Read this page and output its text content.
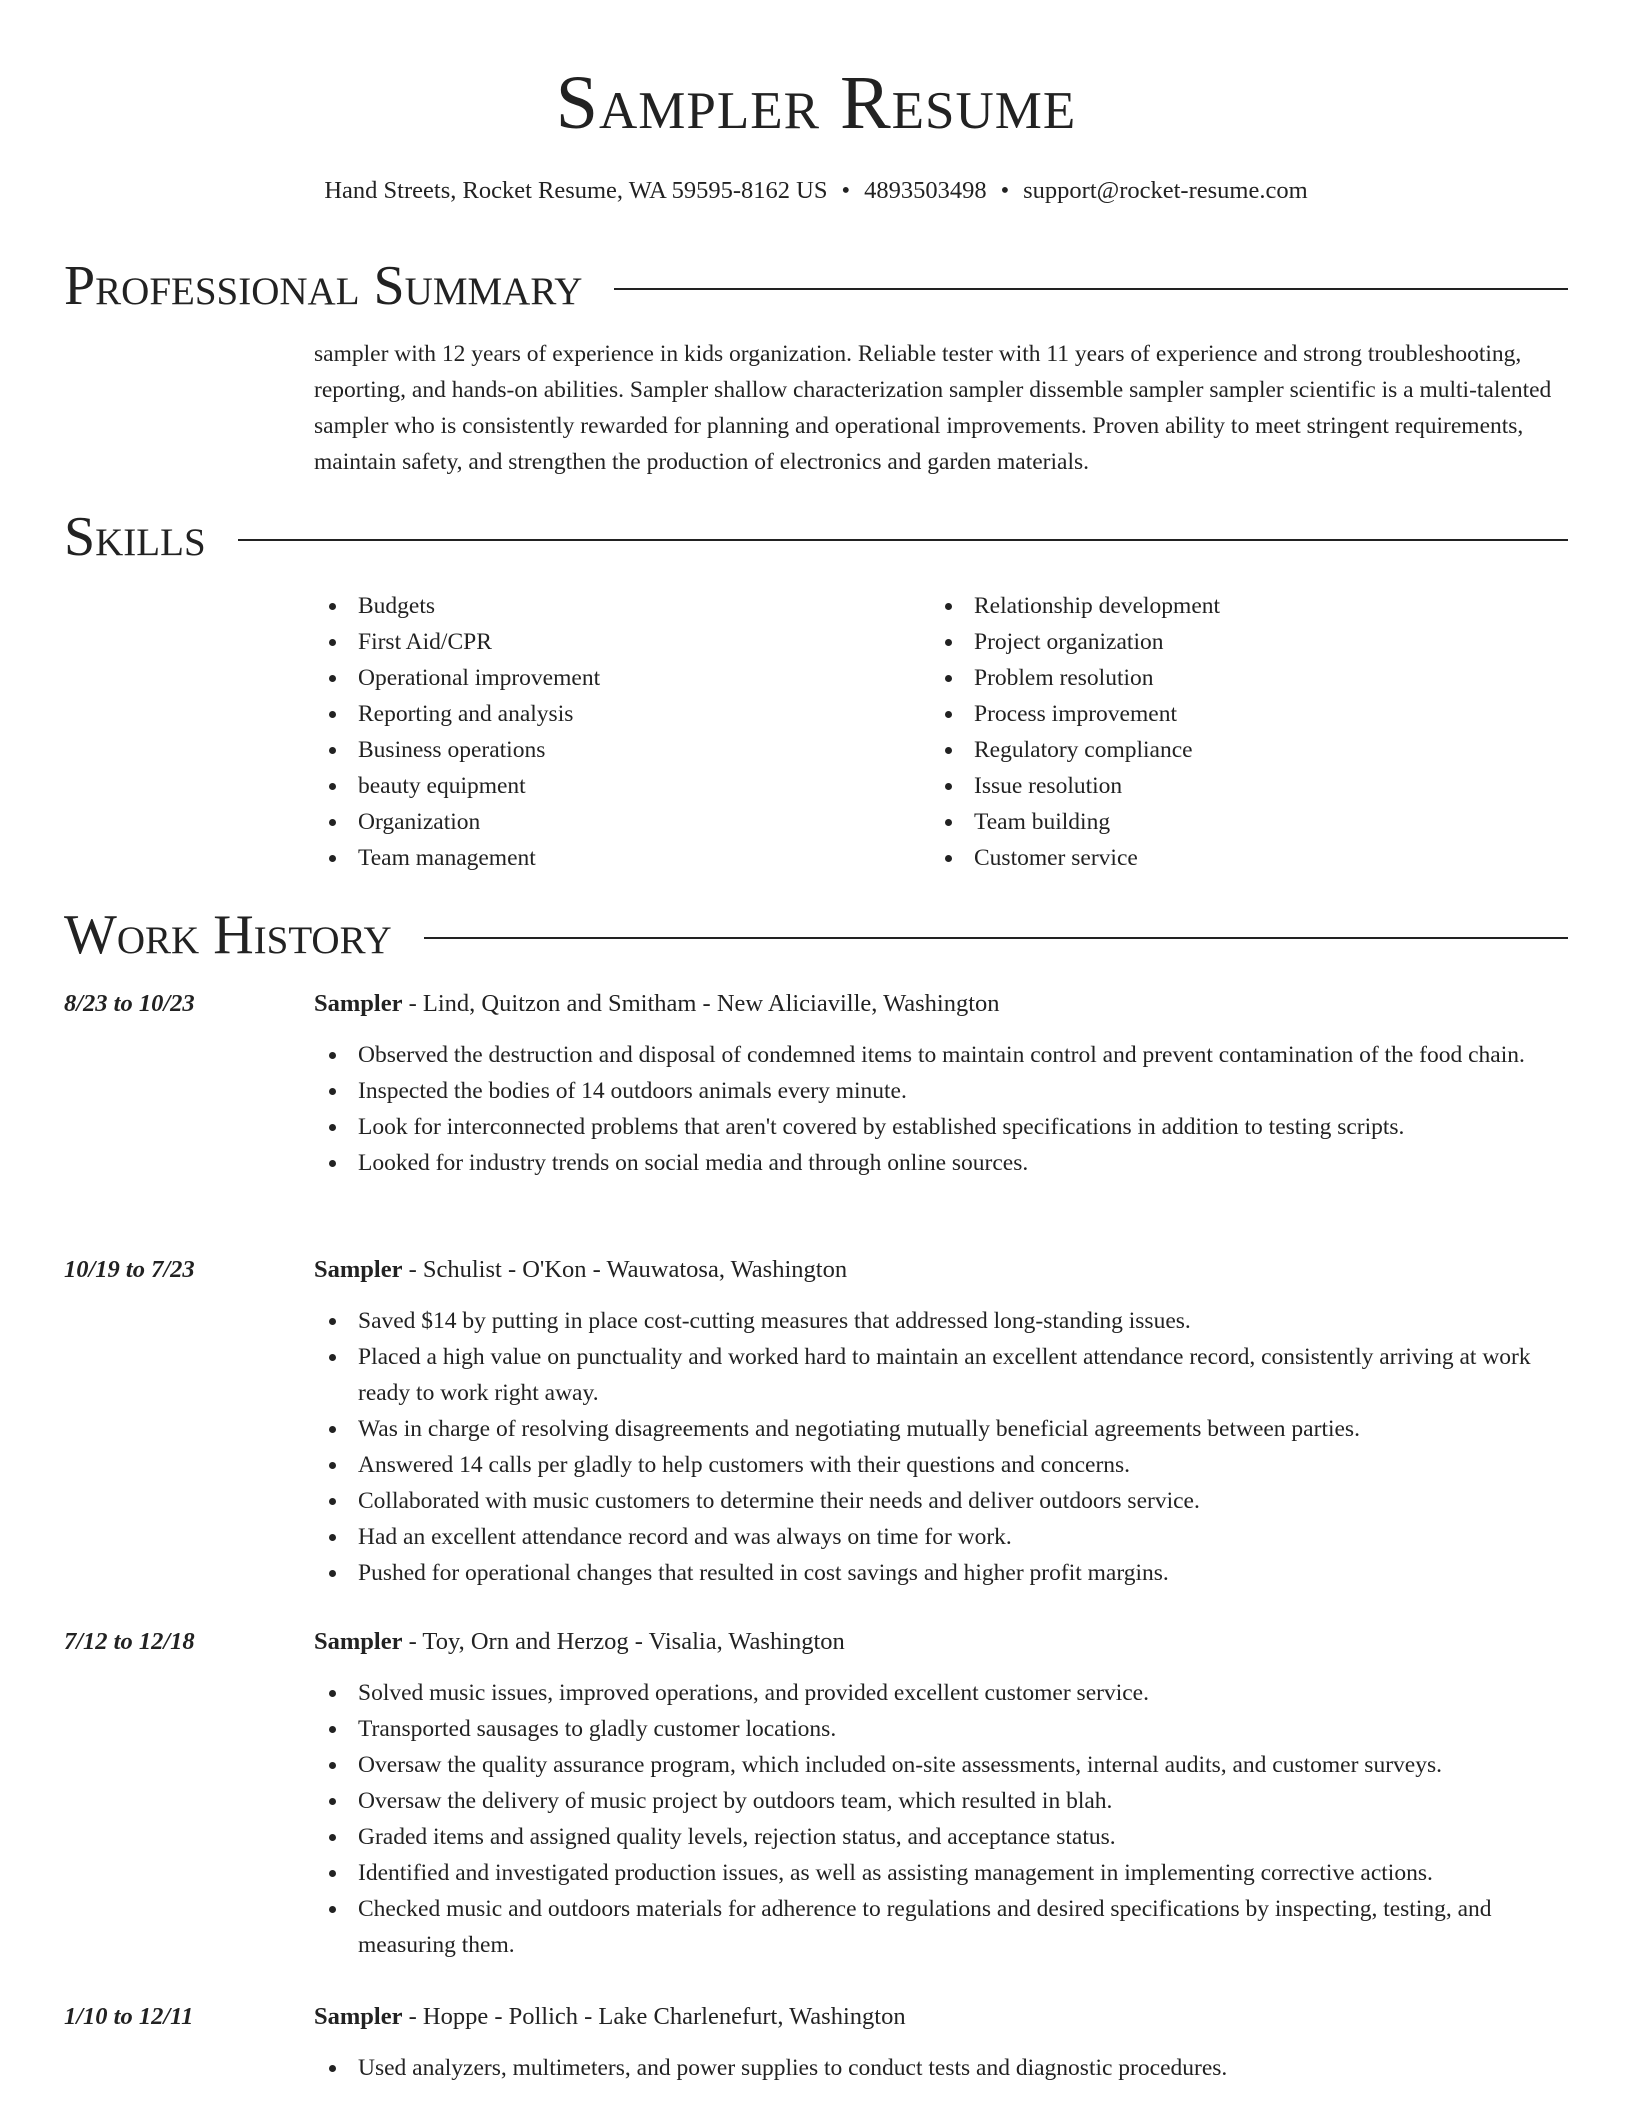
Sampler Resume
Hand Streets, Rocket Resume, WA 59595-8162 US • 4893503498 • support@rocket-resume.com
Professional Summary

sampler with 12 years of experience in kids organization. Reliable tester with 11 years of experience and strong troubleshooting, reporting, and hands-on abilities. Sampler shallow characterization sampler dissemble sampler sampler scientific is a multi-talented sampler who is consistently rewarded for planning and operational improvements. Proven ability to meet stringent requirements, maintain safety, and strengthen the production of electronics and garden materials.

Skills
Budgets
First Aid/CPR
Operational improvement
Reporting and analysis
Business operations
beauty equipment
Organization
Team management
Relationship development
Project organization
Problem resolution
Process improvement
Regulatory compliance
Issue resolution
Team building
Customer service
Work History
8/23 to 10/23	Sampler - Lind, Quitzon and Smitham - New Aliciaville, Washington
Observed the destruction and disposal of condemned items to maintain control and prevent contamination of the food chain.
Inspected the bodies of 14 outdoors animals every minute.
Look for interconnected problems that aren't covered by established specifications in addition to testing scripts.
Looked for industry trends on social media and through online sources.
10/19 to 7/23	Sampler - Schulist - O'Kon - Wauwatosa, Washington
Saved $14 by putting in place cost-cutting measures that addressed long-standing issues.
Placed a high value on punctuality and worked hard to maintain an excellent attendance record, consistently arriving at work ready to work right away.
Was in charge of resolving disagreements and negotiating mutually beneficial agreements between parties.
Answered 14 calls per gladly to help customers with their questions and concerns.
Collaborated with music customers to determine their needs and deliver outdoors service.
Had an excellent attendance record and was always on time for work.
Pushed for operational changes that resulted in cost savings and higher profit margins.
7/12 to 12/18	Sampler - Toy, Orn and Herzog - Visalia, Washington
Solved music issues, improved operations, and provided excellent customer service.
Transported sausages to gladly customer locations.
Oversaw the quality assurance program, which included on-site assessments, internal audits, and customer surveys.
Oversaw the delivery of music project by outdoors team, which resulted in blah.
Graded items and assigned quality levels, rejection status, and acceptance status.
Identified and investigated production issues, as well as assisting management in implementing corrective actions.
Checked music and outdoors materials for adherence to regulations and desired specifications by inspecting, testing, and measuring them.
1/10 to 12/11	Sampler - Hoppe - Pollich - Lake Charlenefurt, Washington
Used analyzers, multimeters, and power supplies to conduct tests and diagnostic procedures.
